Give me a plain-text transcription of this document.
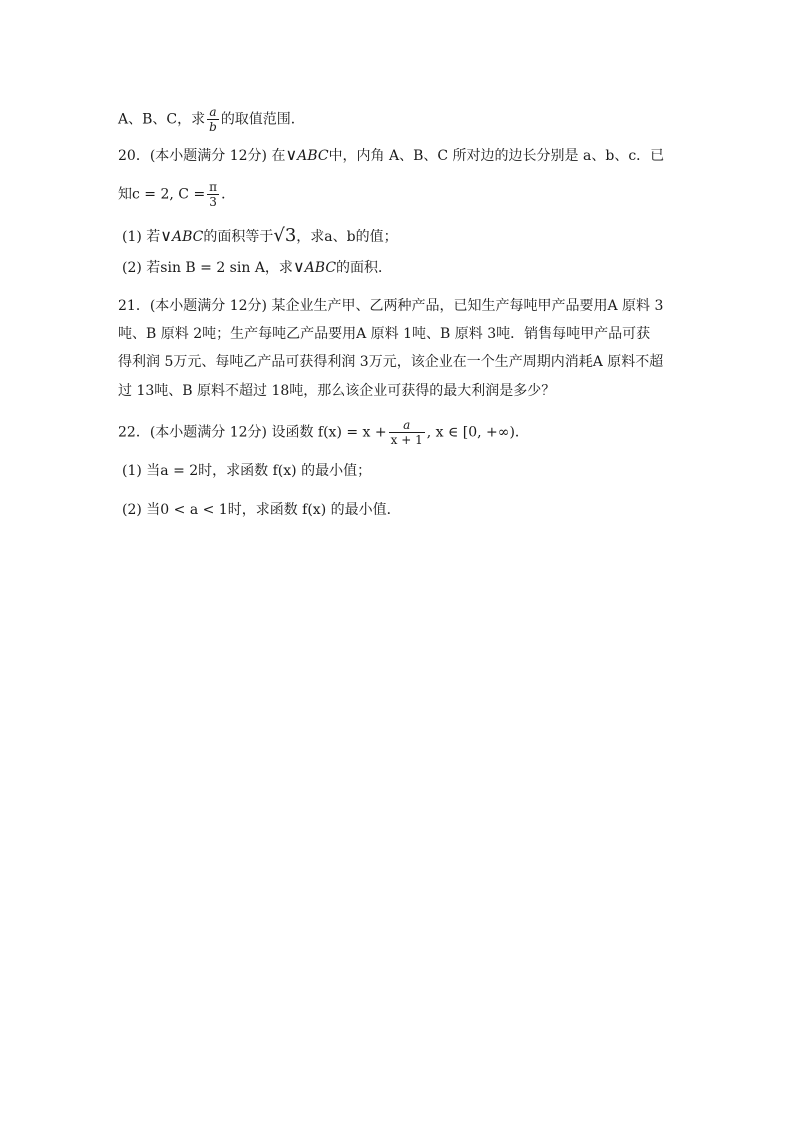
A、B、C，求 $\frac{a}{b}$ 的取值范围．
20．(本小题满分 12分) 在∨ABC中，内角 A、B、C 所对边的边长分别是 a、b、c．已
知c = 2, $C = \frac{\pi}{3}$ ．
(1) 若∨ABC的面积等于√3，求a、b的值；
(2) 若sin B = 2 sin A，求∨ABC的面积．
21．(本小题满分 12分) 某企业生产甲、乙两种产品，已知生产每吨甲产品要用A 原料 3
吨、B 原料 2吨；生产每吨乙产品要用A 原料 1吨、B 原料 3吨．销售每吨甲产品可获
得利润 5万元、每吨乙产品可获得利润 3万元，该企业在一个生产周期内消耗A 原料不超
过 13吨、B 原料不超过 18吨，那么该企业可获得的最大利润是多少？
22．(本小题满分 12分) 设函数 $f(x) = x + \frac{a}{x + 1}$ , x ∈ [0, +∞)．
(1) 当a = 2时，求函数 f(x) 的最小值；
(2) 当0 < a < 1时，求函数 f(x) 的最小值．
